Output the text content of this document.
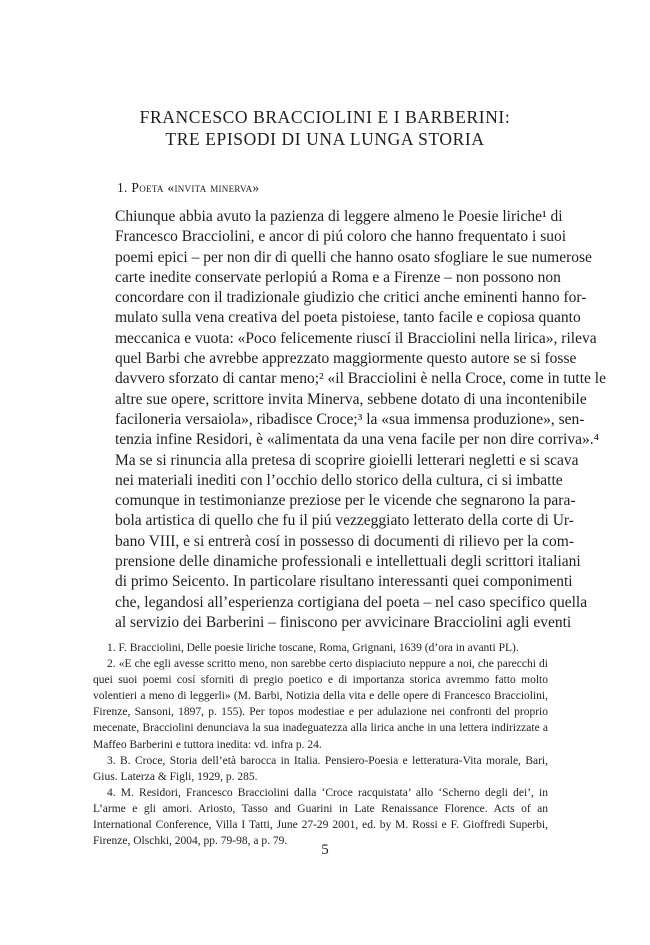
FRANCESCO BRACCIOLINI E I BARBERINI:
TRE EPISODI DI UNA LUNGA STORIA
1. Poeta «invita minerva»

Chiunque abbia avuto la pazienza di leggere almeno le Poesie liriche¹ di
Francesco Bracciolini, e ancor di piú coloro che hanno frequentato i suoi
poemi epici – per non dir di quelli che hanno osato sfogliare le sue numerose
carte inedite conservate perlopiú a Roma e a Firenze – non possono non
concordare con il tradizionale giudizio che critici anche eminenti hanno for-
mulato sulla vena creativa del poeta pistoiese, tanto facile e copiosa quanto
meccanica e vuota: «Poco felicemente riuscí il Bracciolini nella lirica», rileva
quel Barbi che avrebbe apprezzato maggiormente questo autore se si fosse
davvero sforzato di cantar meno;² «il Bracciolini è nella Croce, come in tutte le
altre sue opere, scrittore invita Minerva, sebbene dotato di una incontenibile
faciloneria versaiola», ribadisce Croce;³ la «sua immensa produzione», sen-
tenzia infine Residori, è «alimentata da una vena facile per non dire corriva».⁴

Ma se si rinuncia alla pretesa di scoprire gioielli letterari negletti e si scava
nei materiali inediti con l’occhio dello storico della cultura, ci si imbatte
comunque in testimonianze preziose per le vicende che segnarono la para-
bola artistica di quello che fu il piú vezzeggiato letterato della corte di Ur-
bano VIII, e si entrerà cosí in possesso di documenti di rilievo per la com-
prensione delle dinamiche professionali e intellettuali degli scrittori italiani
di primo Seicento. In particolare risultano interessanti quei componimenti
che, legandosi all’esperienza cortigiana del poeta – nel caso specifico quella
al servizio dei Barberini – finiscono per avvicinare Bracciolini agli eventi

1. F. Bracciolini, Delle poesie liriche toscane, Roma, Grignani, 1639 (d’ora in avanti PL).

2. «E che egli avesse scritto meno, non sarebbe certo dispiaciuto neppure a noi, che parecchi di quei suoi poemi cosí sforniti di pregio poetico e di importanza storica avremmo fatto molto volentieri a meno di leggerli» (M. Barbi, Notizia della vita e delle opere di Francesco Bracciolini, Firenze, Sansoni, 1897, p. 155). Per topos modestiae e per adulazione nei confronti del proprio mecenate, Bracciolini denunciava la sua inadeguatezza alla lirica anche in una lettera indirizzate a Maffeo Barberini e tuttora inedita: vd. infra p. 24.

3. B. Croce, Storia dell’età barocca in Italia. Pensiero-Poesia e letteratura-Vita morale, Bari, Gius. Laterza & Figli, 1929, p. 285.

4. M. Residori, Francesco Bracciolini dalla ‘Croce racquistata’ allo ‘Scherno degli dei’, in L’arme e gli amori. Ariosto, Tasso and Guarini in Late Renaissance Florence. Acts of an International Conference, Villa I Tatti, June 27-29 2001, ed. by M. Rossi e F. Gioffredi Superbi, Firenze, Olschki, 2004, pp. 79-98, a p. 79.

5
